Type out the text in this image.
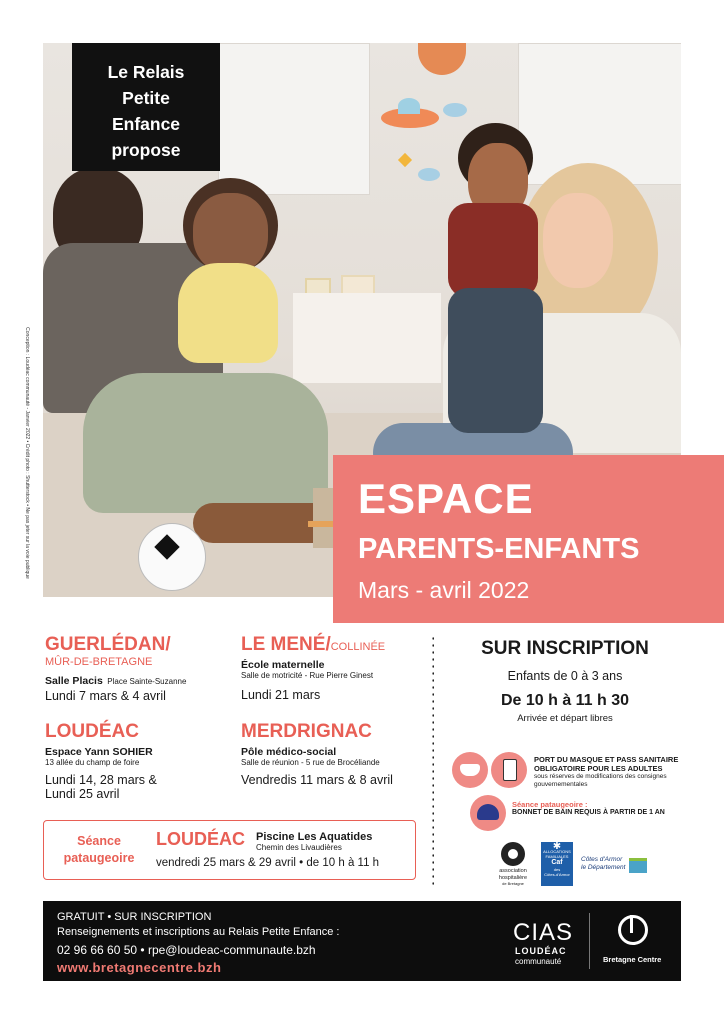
Le Relais
Petite
Enfance
propose
Conception : Loudéac communauté - Janvier 2022 • Crédit photo : Shutterstock • Ne pas jeter sur la voie publique	ESPACE
PARENTS-ENFANTS
Mars - avril 2022
GUERLÉDAN/
MÛR-DE-BRETAGNE
Salle Placis Place Sainte-Suzanne
Lundi 7 mars & 4 avril
LOUDÉAC
Espace Yann SOHIER
13 allée du champ de foire
Lundi 14, 28 mars &
Lundi 25 avril
LE MENÉ/COLLINÉE
École maternelle
Salle de motricité - Rue Pierre Ginest
Lundi 21 mars
MERDRIGNAC
Pôle médico-social
Salle de réunion - 5 rue de Brocéliande
Vendredis 11 mars & 8 avril
Séance
pataugeoire
LOUDÉAC Piscine Les Aquatides
Chemin des Livaudières
vendredi 25 mars & 29 avril • de 10 h à 11 h
SUR INSCRIPTION
Enfants de 0 à 3 ans
De 10 h à 11 h 30
Arrivée et départ libres
PORT DU MASQUE ET PASS SANITAIRE OBLIGATOIRE POUR LES ADULTES
sous réserves de modifications des consignes gouvernementales
Séance pataugeoire :
BONNET DE BAIN REQUIS À PARTIR DE 1 AN
association
hospitalière
de Bretagne
✱
ALLOCATIONS
FAMILIALES
Caf
des
Côtes-d'Armor
Côtes d'Armor
le Département
GRATUIT • SUR INSCRIPTION
Renseignements et inscriptions au Relais Petite Enfance :
02 96 66 60 50 • rpe@loudeac-communaute.bzh
www.bretagnecentre.bzh
CIAS
LOUDÉAC
communauté	Bretagne Centre
